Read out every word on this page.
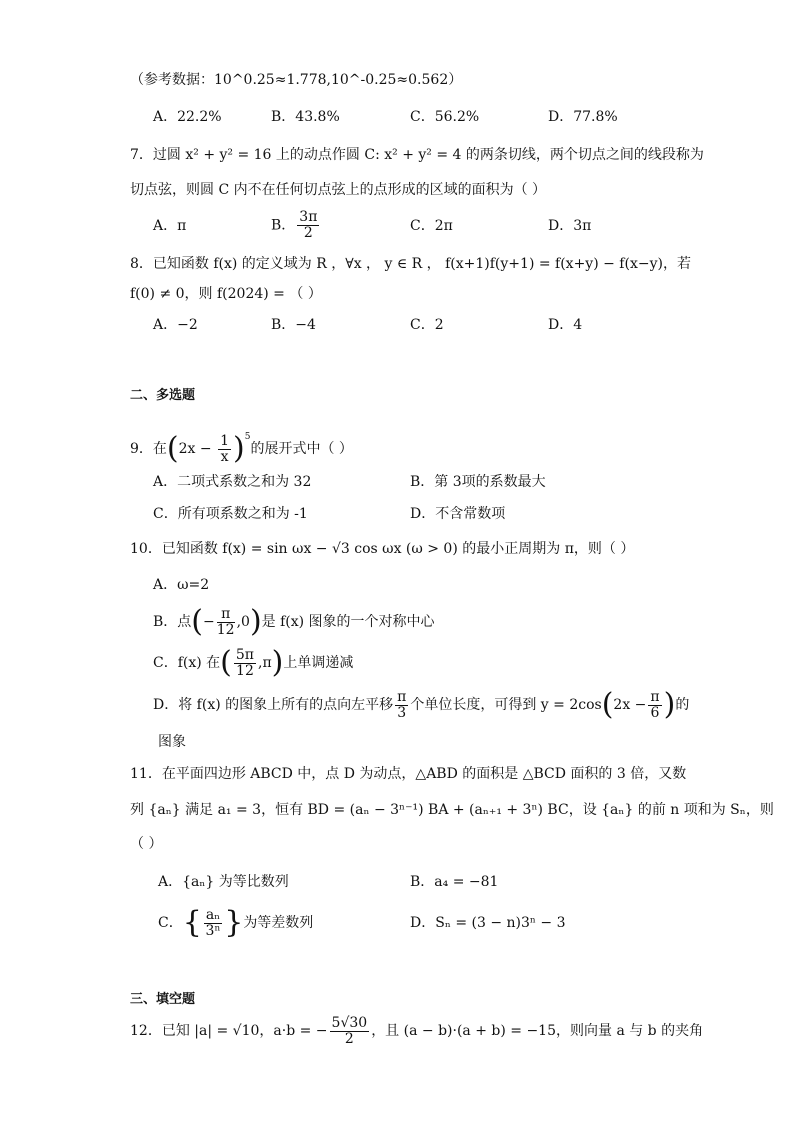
（参考数据：10^0.25≈1.778,10^-0.25≈0.562）
A．22.2%	B．43.8%	C．56.2%	D．77.8%
7．过圆 x² + y² = 16 上的动点作圆 C: x² + y² = 4 的两条切线，两个切点之间的线段称为
切点弦，则圆 C 内不在任何切点弦上的点形成的区域的面积为（ ）
A．π	B． $\frac{3\pi}{2}$	C．2π	D．3π
8．已知函数 f(x) 的定义域为 R ，∀x ， y ∈ R ， f(x+1)f(y+1) = f(x+y) − f(x−y)，若
f(0) ≠ 0，则 f(2024) = （ ）
A．−2	B．−4	C．2	D．4
二、多选题
9．在$(2x - \frac{1}{x} )^5$的展开式中（ ）
A．二项式系数之和为 32	B．第 3项的系数最大
C．所有项系数之和为 -1	D．不含常数项
10．已知函数 f(x) = sin ωx − √3 cos ωx (ω > 0) 的最小正周期为 π，则（ ）
A．ω=2
B．点(− $\frac{\pi}{12} ,0$)是 f(x) 图象的一个对称中心
C．f(x) 在( $\frac{5\pi}{12} ,\pi$)上单调递减
D．将 f(x) 的图象上所有的点向左平移 $\frac{\pi}{3}$ 个单位长度，可得到 $y = 2\cos(2x - \frac{\pi}{6}$ )的
图象
11．在平面四边形 ABCD 中，点 D 为动点，△ABD 的面积是 △BCD 面积的 3 倍，又数
列 {aₙ} 满足 a₁ = 3，恒有 BD = (aₙ − 3ⁿ⁻¹) BA + (aₙ₊₁ + 3ⁿ) BC，设 {aₙ} 的前 n 项和为 Sₙ，则
（ ）
A．{aₙ} 为等比数列	B．a₄ = −81
C．{ $\frac{\text{aₙ}}{\text{3ⁿ}}$ }为等差数列	D．Sₙ = (3 − n)3ⁿ − 3
三、填空题
12．已知 |a| = √10，a·b = − $\frac{5√30}{2}$ ，且 (a − b)·(a + b) = −15，则向量 a 与 b 的夹角
